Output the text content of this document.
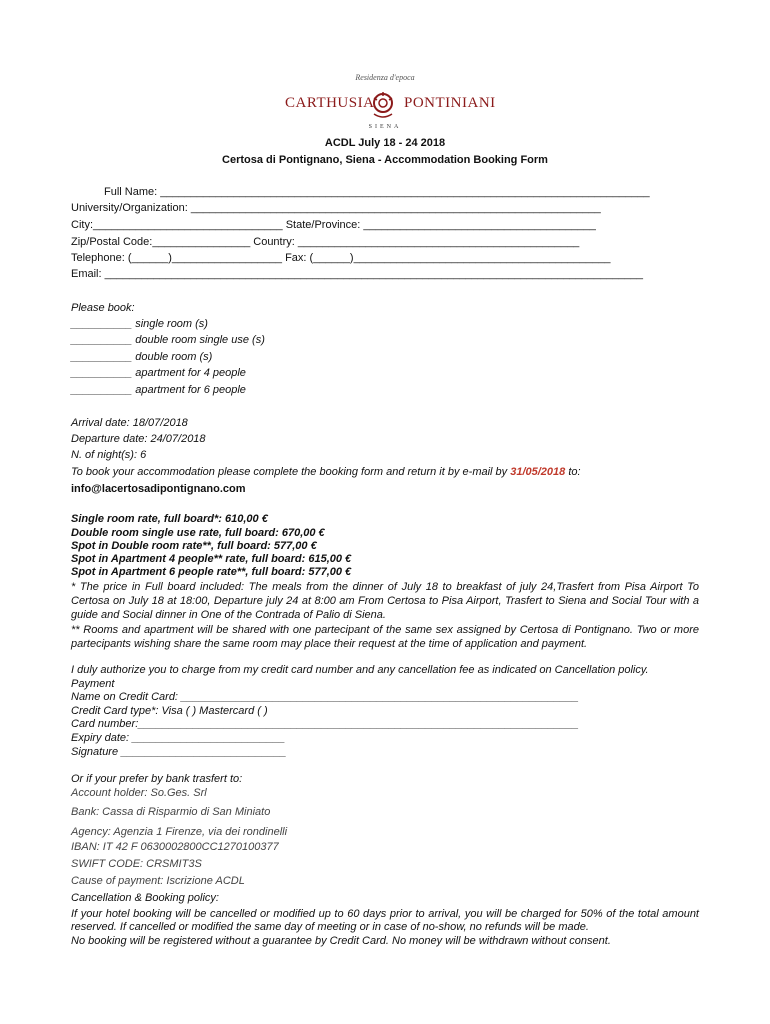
Residenza d'epoca
CARTHUSIA PONTINIANI
SIENA
ACDL July 18 - 24 2018
Certosa di Pontignano, Siena - Accommodation Booking Form
Full Name: ________________________________________________________________________________
University/Organization: ___________________________________________________________________
City:_______________________________ State/Province: ______________________________________
Zip/Postal Code:________________ Country: ______________________________________________
Telephone: (______)__________________ Fax: (______)__________________________________________
Email: ________________________________________________________________________________________
Please book:
__________ single room (s)
__________ double room single use (s)
__________ double room (s)
__________ apartment for 4 people
__________ apartment for 6 people
Arrival date: 18/07/2018
Departure date: 24/07/2018
N. of night(s): 6
To book your accommodation please complete the booking form and return it by e-mail by 31/05/2018 to:
info@lacertosadipontignano.com
Single room rate, full board*: 610,00 €
Double room single use rate, full board: 670,00 €
Spot in Double room rate**, full board: 577,00 €
Spot in Apartment 4 people** rate, full board: 615,00 €
Spot in Apartment 6 people rate**, full board: 577,00 €
* The price in Full board included: The meals from the dinner of July 18 to breakfast of july 24,Trasfert from Pisa Airport To Certosa on July 18 at 18:00, Departure july 24 at 8:00 am From Certosa to Pisa Airport, Trasfert to Siena and Social Tour with a guide and Social dinner in One of the Contrada of Palio di Siena.
** Rooms and apartment will be shared with one partecipant of the same sex assigned by Certosa di Pontignano. Two or more partecipants wishing share the same room may place their request at the time of application and payment.
I duly authorize you to charge from my credit card number and any cancellation fee as indicated on Cancellation policy.
Payment
Name on Credit Card: _________________________________________________________________
Credit Card type*: Visa ( ) Mastercard ( )
Card number:________________________________________________________________________
Expiry date: _________________________
Signature ___________________________
Or if your prefer by bank trasfert to:
Account holder: So.Ges. Srl
Bank: Cassa di Risparmio di San Miniato
Agency: Agenzia 1 Firenze, via dei rondinelli
IBAN: IT 42 F 0630002800CC1270100377
SWIFT CODE: CRSMIT3S
Cause of payment: Iscrizione ACDL
Cancellation & Booking policy:
If your hotel booking will be cancelled or modified up to 60 days prior to arrival, you will be charged for 50% of the total amount reserved. If cancelled or modified the same day of meeting or in case of no-show, no refunds will be made.
No booking will be registered without a guarantee by Credit Card. No money will be withdrawn without consent.
